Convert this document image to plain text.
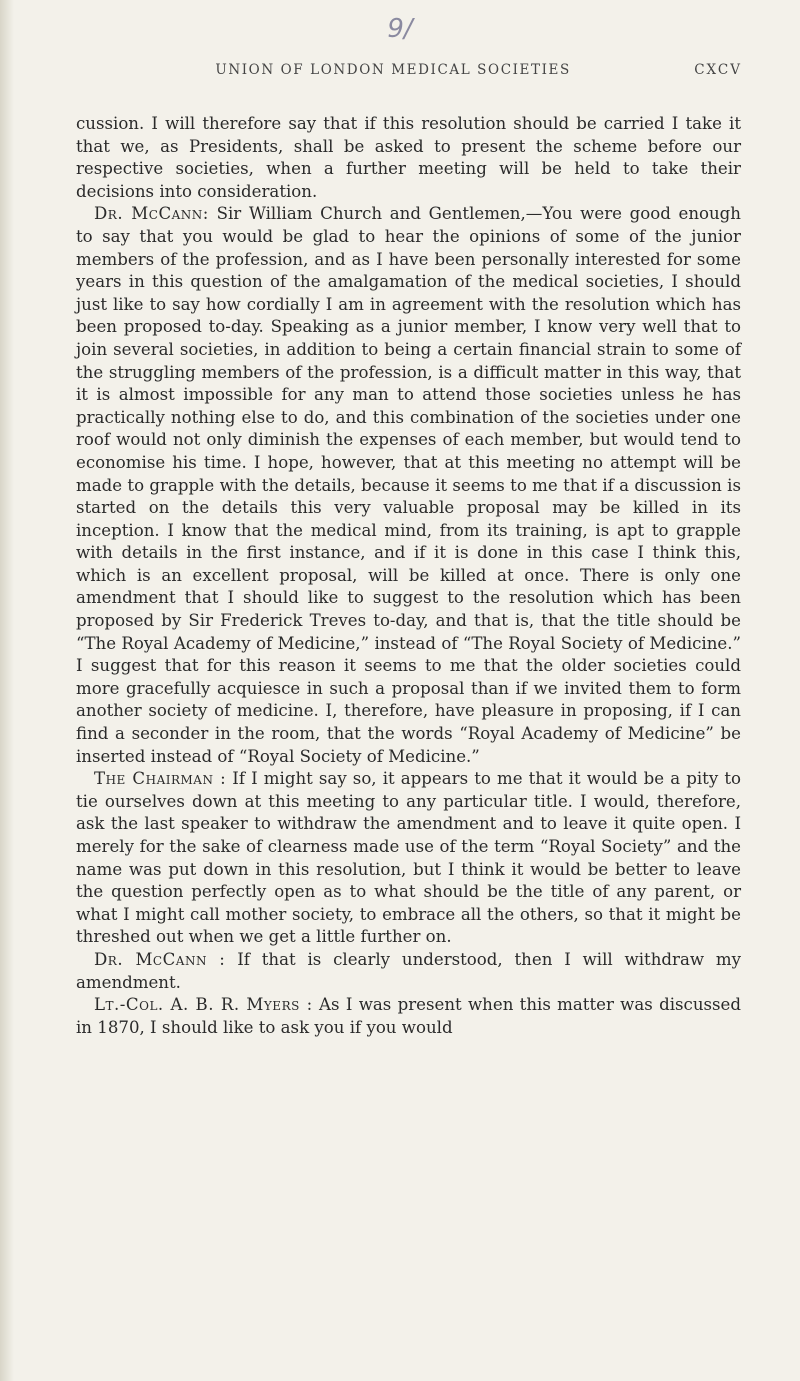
9/
UNION OF LONDON MEDICAL SOCIETIES	CXCV

cussion. I will therefore say that if this resolution should be carried I take it that we, as Presidents, shall be asked to present the scheme before our respective societies, when a further meeting will be held to take their decisions into consideration.

Dr. McCann: Sir William Church and Gentlemen,—You were good enough to say that you would be glad to hear the opinions of some of the junior members of the profession, and as I have been personally interested for some years in this question of the amalgamation of the medical societies, I should just like to say how cordially I am in agreement with the resolution which has been proposed to-day. Speaking as a junior member, I know very well that to join several societies, in addition to being a certain financial strain to some of the struggling members of the profession, is a difficult matter in this way, that it is almost impossible for any man to attend those societies unless he has practically nothing else to do, and this combination of the societies under one roof would not only diminish the expenses of each member, but would tend to economise his time. I hope, however, that at this meeting no attempt will be made to grapple with the details, because it seems to me that if a discussion is started on the details this very valuable proposal may be killed in its inception. I know that the medical mind, from its training, is apt to grapple with details in the first instance, and if it is done in this case I think this, which is an excellent proposal, will be killed at once. There is only one amendment that I should like to suggest to the resolution which has been proposed by Sir Frederick Treves to-day, and that is, that the title should be “The Royal Academy of Medicine,” instead of “The Royal Society of Medicine.” I suggest that for this reason it seems to me that the older societies could more gracefully acquiesce in such a proposal than if we invited them to form another society of medicine. I, therefore, have pleasure in proposing, if I can find a seconder in the room, that the words “Royal Academy of Medicine” be inserted instead of “Royal Society of Medicine.”

The Chairman : If I might say so, it appears to me that it would be a pity to tie ourselves down at this meeting to any particular title. I would, therefore, ask the last speaker to withdraw the amendment and to leave it quite open. I merely for the sake of clearness made use of the term “Royal Society” and the name was put down in this resolution, but I think it would be better to leave the question perfectly open as to what should be the title of any parent, or what I might call mother society, to embrace all the others, so that it might be threshed out when we get a little further on.

Dr. McCann : If that is clearly understood, then I will withdraw my amendment.

Lt.-Col. A. B. R. Myers : As I was present when this matter was discussed in 1870, I should like to ask you if you would
